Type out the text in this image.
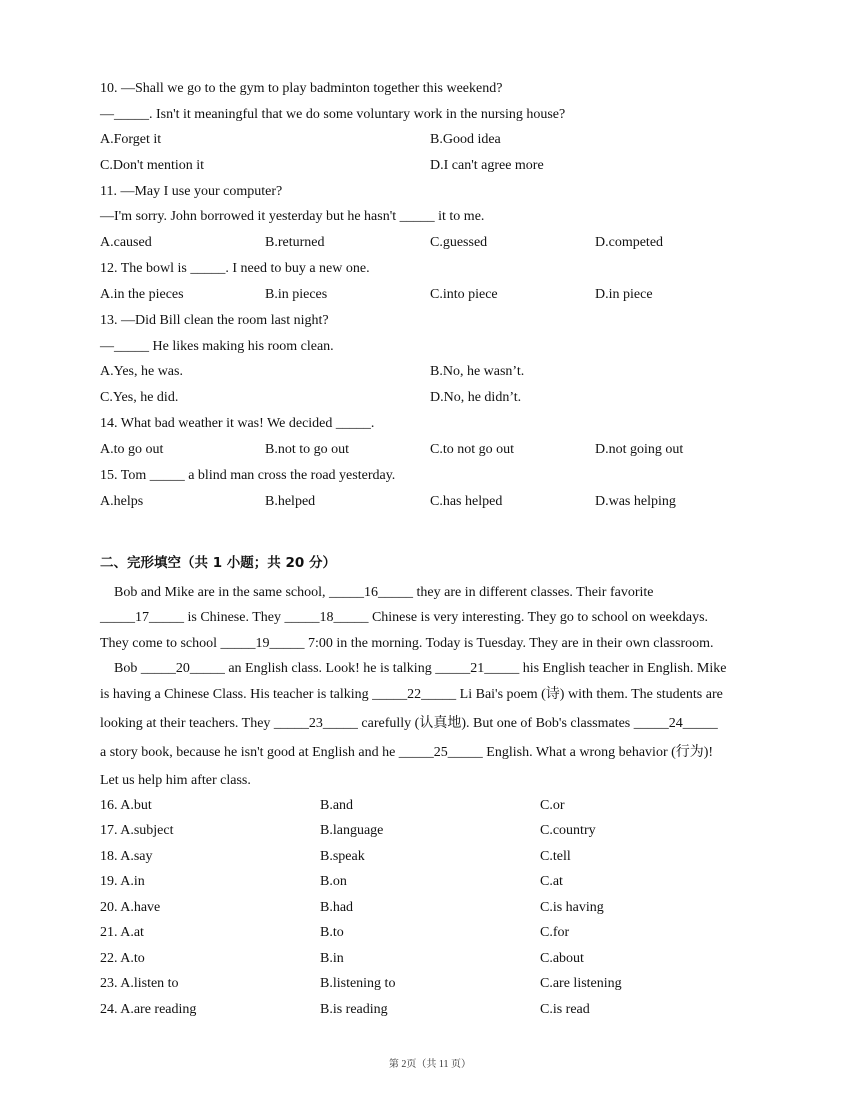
10. —Shall we go to the gym to play badminton together this weekend?
—_____. Isn't it meaningful that we do some voluntary work in the nursing house?
A.Forget it	B.Good idea
C.Don't mention it	D.I can't agree more
11. —May I use your computer?
—I'm sorry. John borrowed it yesterday but he hasn't _____ it to me.
A.caused	B.returned	C.guessed	D.competed
12. The bowl is _____. I need to buy a new one.
A.in the pieces	B.in pieces	C.into piece	D.in piece
13. —Did Bill clean the room last night?
—_____ He likes making his room clean.
A.Yes, he was.	B.No, he wasn’t.
C.Yes, he did.	D.No, he didn’t.
14. What bad weather it was! We decided _____.
A.to go out	B.not to go out	C.to not go out	D.not going out
15. Tom _____ a blind man cross the road yesterday.
A.helps	B.helped	C.has helped	D.was helping
二、完形填空（共 1 小题；共 20 分）
Bob and Mike are in the same school, _____16_____ they are in different classes. Their favorite
_____17_____ is Chinese. They _____18_____ Chinese is very interesting. They go to school on weekdays.
They come to school _____19_____ 7:00 in the morning. Today is Tuesday. They are in their own classroom.
Bob _____20_____ an English class. Look! he is talking _____21_____ his English teacher in English. Mike
is having a Chinese Class. His teacher is talking _____22_____ Li Bai's poem (诗) with them. The students are
looking at their teachers. They _____23_____ carefully (认真地). But one of Bob's classmates _____24_____
a story book, because he isn't good at English and he _____25_____ English. What a wrong behavior (行为)!
Let us help him after class.
16. A.but	B.and	C.or
17. A.subject	B.language	C.country
18. A.say	B.speak	C.tell
19. A.in	B.on	C.at
20. A.have	B.had	C.is having
21. A.at	B.to	C.for
22. A.to	B.in	C.about
23. A.listen to	B.listening to	C.are listening
24. A.are reading	B.is reading	C.is read
第 2页（共 11 页）
